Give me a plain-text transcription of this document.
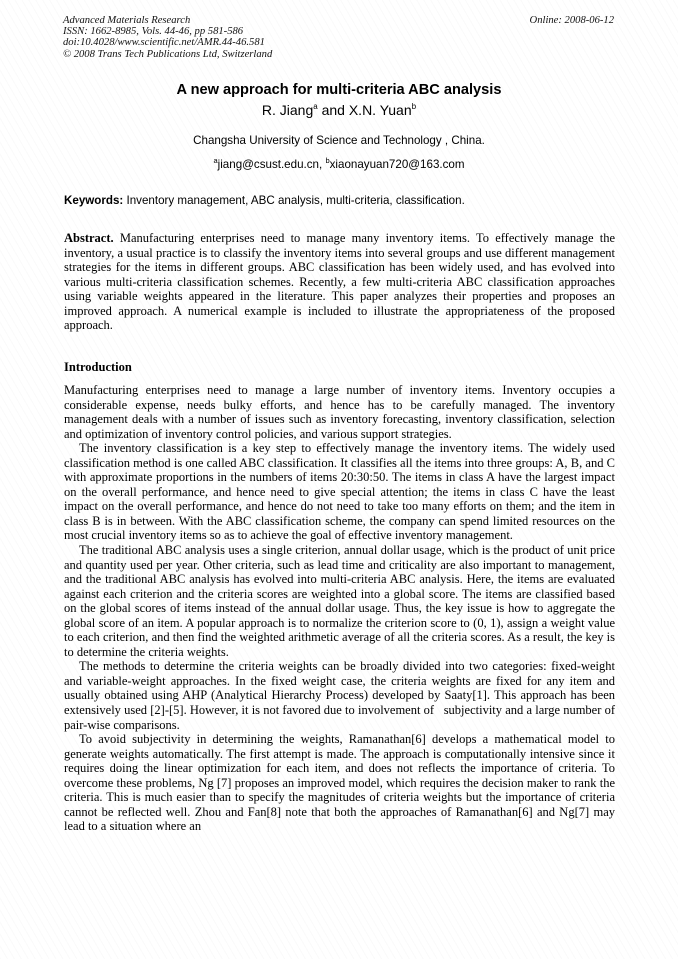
Advanced Materials Research
ISSN: 1662-8985, Vols. 44-46, pp 581-586
doi:10.4028/www.scientific.net/AMR.44-46.581
© 2008 Trans Tech Publications Ltd, Switzerland
Online: 2008-06-12
A new approach for multi-criteria ABC analysis
R. Jiang$^a$ and X.N. Yuan$^b$
Changsha University of Science and Technology , China.
$^a$jiang@csust.edu.cn, $^b$xiaonayuan720@163.com
Keywords: Inventory management, ABC analysis, multi-criteria, classification.
Abstract. Manufacturing enterprises need to manage many inventory items. To effectively manage the inventory, a usual practice is to classify the inventory items into several groups and use different management strategies for the items in different groups. ABC classification has been widely used, and has evolved into various multi-criteria classification schemes. Recently, a few multi-criteria ABC classification approaches using variable weights appeared in the literature. This paper analyzes their properties and proposes an improved approach. A numerical example is included to illustrate the appropriateness of the proposed approach.
Introduction

Manufacturing enterprises need to manage a large number of inventory items. Inventory occupies a considerable expense, needs bulky efforts, and hence has to be carefully managed. The inventory management deals with a number of issues such as inventory forecasting, inventory classification, selection and optimization of inventory control policies, and various support strategies.

The inventory classification is a key step to effectively manage the inventory items. The widely used classification method is one called ABC classification. It classifies all the items into three groups: A, B, and C with approximate proportions in the numbers of items 20:30:50. The items in class A have the largest impact on the overall performance, and hence need to give special attention; the items in class C have the least impact on the overall performance, and hence do not need to take too many efforts on them; and the item in class B is in between. With the ABC classification scheme, the company can spend limited resources on the most crucial inventory items so as to achieve the goal of effective inventory management.

The traditional ABC analysis uses a single criterion, annual dollar usage, which is the product of unit price and quantity used per year. Other criteria, such as lead time and criticality are also important to management, and the traditional ABC analysis has evolved into multi-criteria ABC analysis. Here, the items are evaluated against each criterion and the criteria scores are weighted into a global score. The items are classified based on the global scores of items instead of the annual dollar usage. Thus, the key issue is how to aggregate the global score of an item. A popular approach is to normalize the criterion score to (0, 1), assign a weight value to each criterion, and then find the weighted arithmetic average of all the criteria scores. As a result, the key is to determine the criteria weights.

The methods to determine the criteria weights can be broadly divided into two categories: fixed-weight and variable-weight approaches. In the fixed weight case, the criteria weights are fixed for any item and usually obtained using AHP (Analytical Hierarchy Process) developed by Saaty[1]. This approach has been extensively used [2]-[5]. However, it is not favored due to involvement of   subjectivity and a large number of pair-wise comparisons.

To avoid subjectivity in determining the weights, Ramanathan[6] develops a mathematical model to generate weights automatically. The first attempt is made. The approach is computationally intensive since it requires doing the linear optimization for each item, and does not reflects the importance of criteria. To overcome these problems, Ng [7] proposes an improved model, which requires the decision maker to rank the criteria. This is much easier than to specify the magnitudes of criteria weights but the importance of criteria cannot be reflected well. Zhou and Fan[8] note that both the approaches of Ramanathan[6] and Ng[7] may lead to a situation where an
